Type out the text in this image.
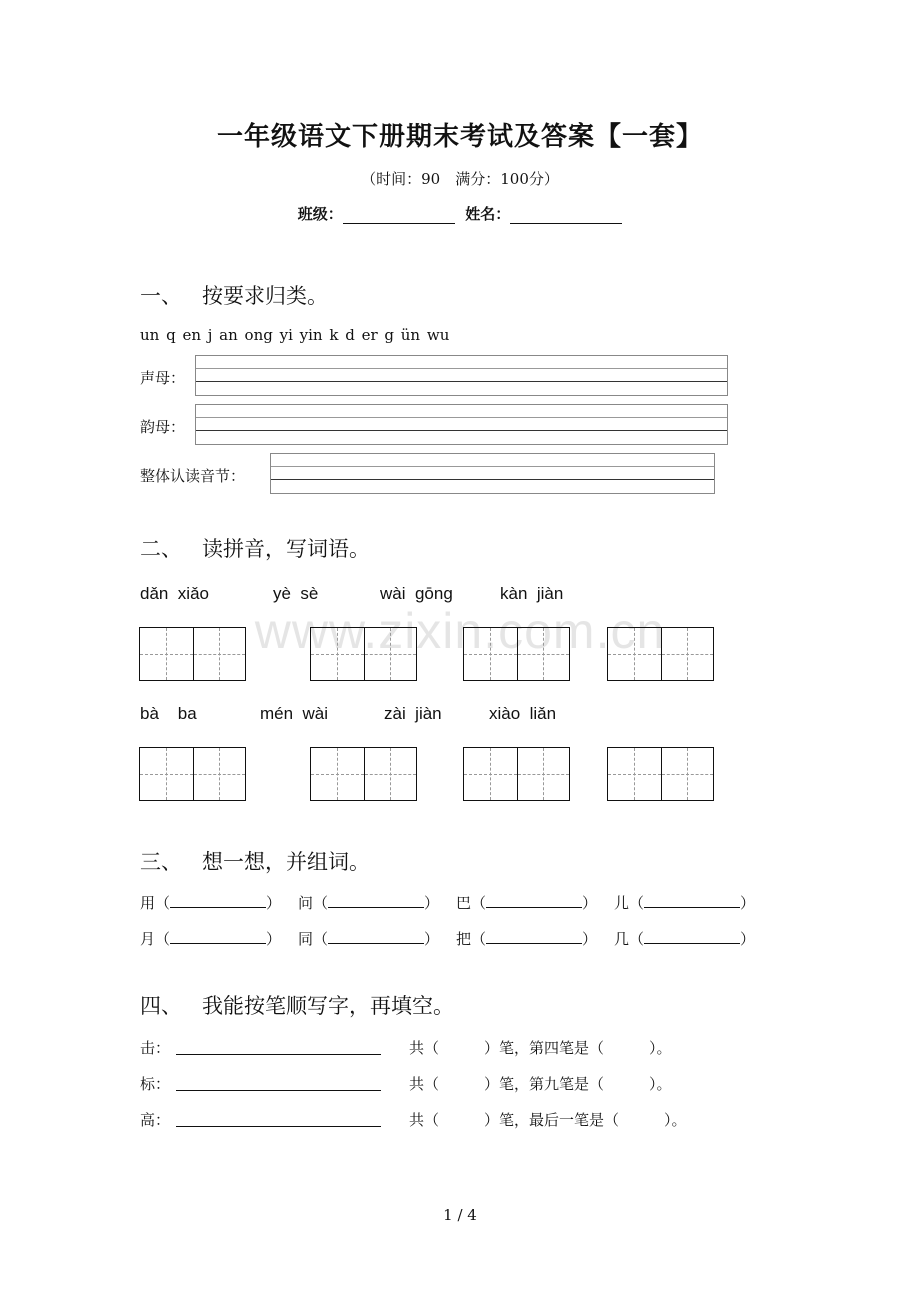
一年级语文下册期末考试及答案【一套】
（时间：90　满分：100分）
班级：	姓名：
一、 按要求归类。
un q en j an ong yi yin k d er g ün wu
声母：
韵母：
整体认读音节：
二、 读拼音，写词语。
dǎn  xiǎo	yè  sè	wài  gōng	kàn  jiàn
www.zixin.com.cn
bà    ba	mén  wài	zài  jiàn	xiào  liǎn
三、 想一想，并组词。
用（	） 问（	） 巴（	） 儿（	）
月（	） 同（	） 把（	） 几（	）
四、 我能按笔顺写字，再填空。
击：	共（　　　）笔，第四笔是（　　　）。
标：	共（　　　）笔，第九笔是（　　　）。
高：	共（　　　）笔，最后一笔是（　　　）。
1 / 4
